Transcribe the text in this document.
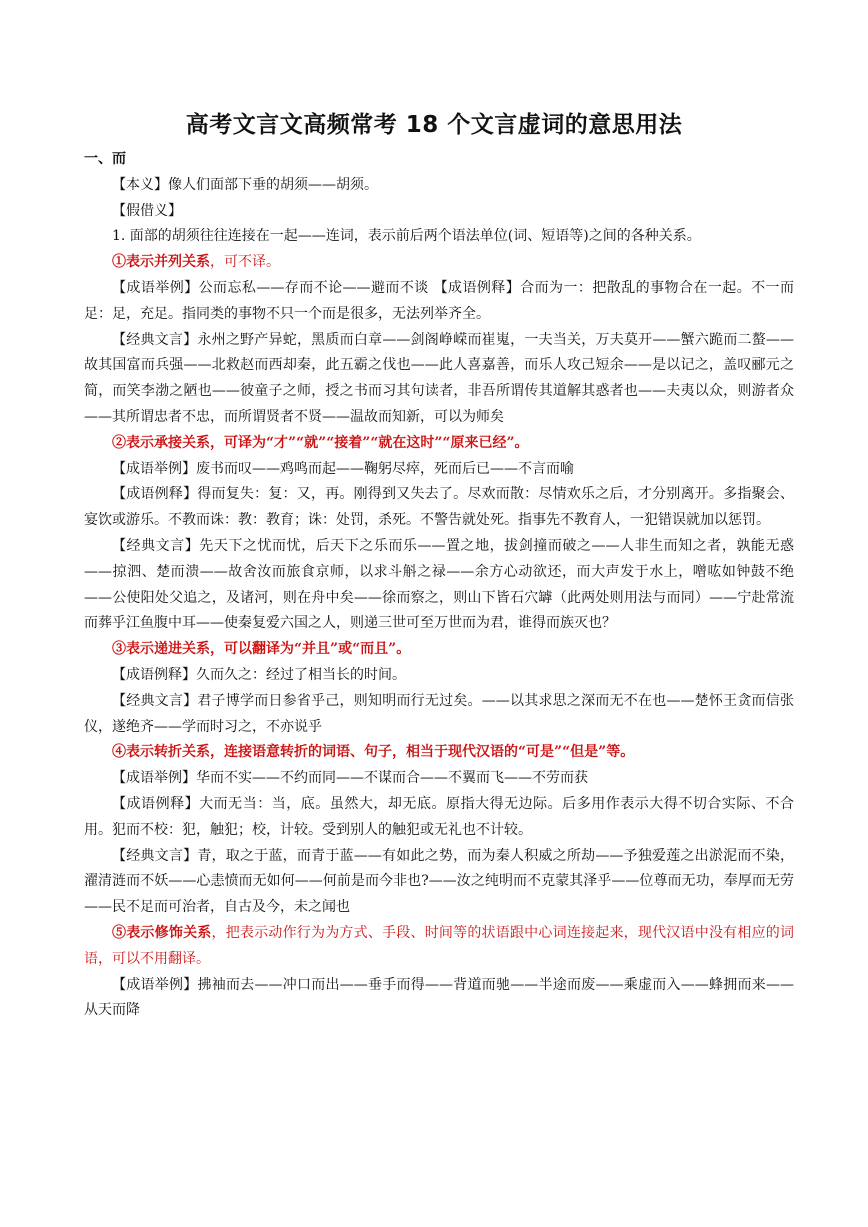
高考文言文高频常考 18 个文言虚词的意思用法

一、而

【本义】像人们面部下垂的胡须——胡须。

【假借义】

1. 面部的胡须往往连接在一起——连词，表示前后两个语法单位(词、短语等)之间的各种关系。

①表示并列关系，可不译。

【成语举例】公而忘私——存而不论——避而不谈 【成语例释】合而为一：把散乱的事物合在一起。不一而足：足，充足。指同类的事物不只一个而是很多，无法列举齐全。

【经典文言】永州之野产异蛇，黑质而白章——剑阁峥嵘而崔嵬，一夫当关，万夫莫开——蟹六跪而二螯——故其国富而兵强——北救赵而西却秦，此五霸之伐也——此人喜嘉善，而乐人攻己短余——是以记之，盖叹郦元之简，而笑李渤之陋也——彼童子之师，授之书而习其句读者，非吾所谓传其道解其惑者也——夫夷以众，则游者众——其所谓忠者不忠，而所谓贤者不贤——温故而知新，可以为师矣

②表示承接关系，可译为“才”“就”“接着”“就在这时”“原来已经”。

【成语举例】废书而叹——鸡鸣而起——鞠躬尽瘁，死而后已——不言而喻

【成语例释】得而复失：复：又，再。刚得到又失去了。尽欢而散：尽情欢乐之后，才分别离开。多指聚会、宴饮或游乐。不教而诛：教：教育；诛：处罚，杀死。不警告就处死。指事先不教育人，一犯错误就加以惩罚。

【经典文言】先天下之忧而忧，后天下之乐而乐——置之地，拔剑撞而破之——人非生而知之者，孰能无惑——掠泗、楚而溃——故舍汝而旅食京师，以求斗斛之禄——余方心动欲还，而大声发于水上，噌吰如钟鼓不绝——公使阳处父追之，及诸河，则在舟中矣——徐而察之，则山下皆石穴罅（此两处则用法与而同）——宁赴常流而葬乎江鱼腹中耳——使秦复爱六国之人，则递三世可至万世而为君，谁得而族灭也？

③表示递进关系，可以翻译为“并且”或“而且”。

【成语例释】久而久之：经过了相当长的时间。

【经典文言】君子博学而日参省乎己，则知明而行无过矣。——以其求思之深而无不在也——楚怀王贪而信张仪，遂绝齐——学而时习之，不亦说乎

④表示转折关系，连接语意转折的词语、句子，相当于现代汉语的“可是”“但是”等。

【成语举例】华而不实——不约而同——不谋而合——不翼而飞——不劳而获

【成语例释】大而无当：当，底。虽然大，却无底。原指大得无边际。后多用作表示大得不切合实际、不合用。犯而不校：犯，触犯；校，计较。受到别人的触犯或无礼也不计较。

【经典文言】青，取之于蓝，而青于蓝——有如此之势，而为秦人积威之所劫——予独爱莲之出淤泥而不染，濯清涟而不妖——心恚愤而无如何——何前是而今非也?——汝之纯明而不克蒙其泽乎——位尊而无功，奉厚而无劳——民不足而可治者，自古及今，未之闻也

⑤表示修饰关系，把表示动作行为为方式、手段、时间等的状语跟中心词连接起来，现代汉语中没有相应的词语，可以不用翻译。

【成语举例】拂袖而去——冲口而出——垂手而得——背道而驰——半途而废——乘虚而入——蜂拥而来——从天而降
